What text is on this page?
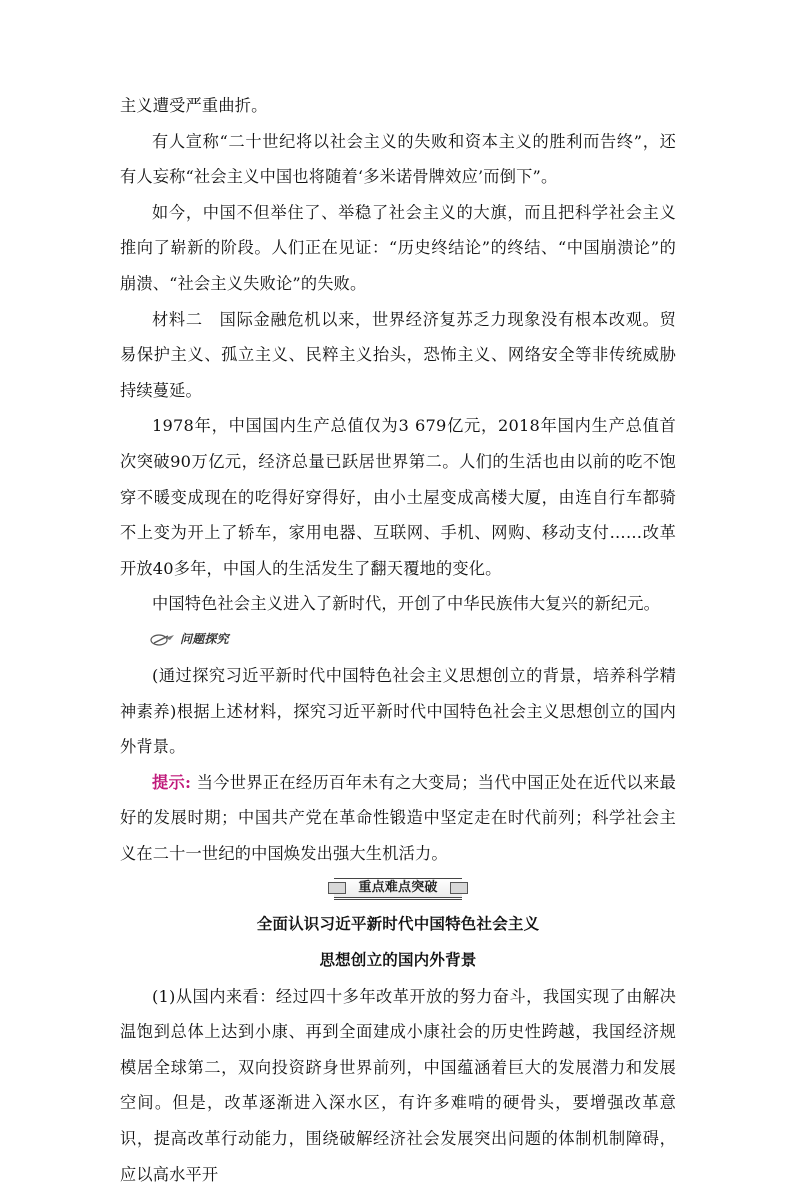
主义遭受严重曲折。

有人宣称“二十世纪将以社会主义的失败和资本主义的胜利而告终”，还有人妄称“社会主义中国也将随着‘多米诺骨牌效应’而倒下”。

如今，中国不但举住了、举稳了社会主义的大旗，而且把科学社会主义推向了崭新的阶段。人们正在见证：“历史终结论”的终结、“中国崩溃论”的崩溃、“社会主义失败论”的失败。

材料二　国际金融危机以来，世界经济复苏乏力现象没有根本改观。贸易保护主义、孤立主义、民粹主义抬头，恐怖主义、网络安全等非传统威胁持续蔓延。

1978年，中国国内生产总值仅为3 679亿元，2018年国内生产总值首次突破90万亿元，经济总量已跃居世界第二。人们的生活也由以前的吃不饱穿不暖变成现在的吃得好穿得好，由小土屋变成高楼大厦，由连自行车都骑不上变为开上了轿车，家用电器、互联网、手机、网购、移动支付……改革开放40多年，中国人的生活发生了翻天覆地的变化。

中国特色社会主义进入了新时代，开创了中华民族伟大复兴的新纪元。

问题探究

(通过探究习近平新时代中国特色社会主义思想创立的背景，培养科学精神素养)根据上述材料，探究习近平新时代中国特色社会主义思想创立的国内外背景。

提示: 当今世界正在经历百年未有之大变局；当代中国正处在近代以来最好的发展时期；中国共产党在革命性锻造中坚定走在时代前列；科学社会主义在二十一世纪的中国焕发出强大生机活力。

重点难点突破

全面认识习近平新时代中国特色社会主义

思想创立的国内外背景

(1)从国内来看：经过四十多年改革开放的努力奋斗，我国实现了由解决温饱到总体上达到小康、再到全面建成小康社会的历史性跨越，我国经济规模居全球第二，双向投资跻身世界前列，中国蕴涵着巨大的发展潜力和发展空间。但是，改革逐渐进入深水区，有许多难啃的硬骨头，要增强改革意识，提高改革行动能力，围绕破解经济社会发展突出问题的体制机制障碍，应以高水平开
